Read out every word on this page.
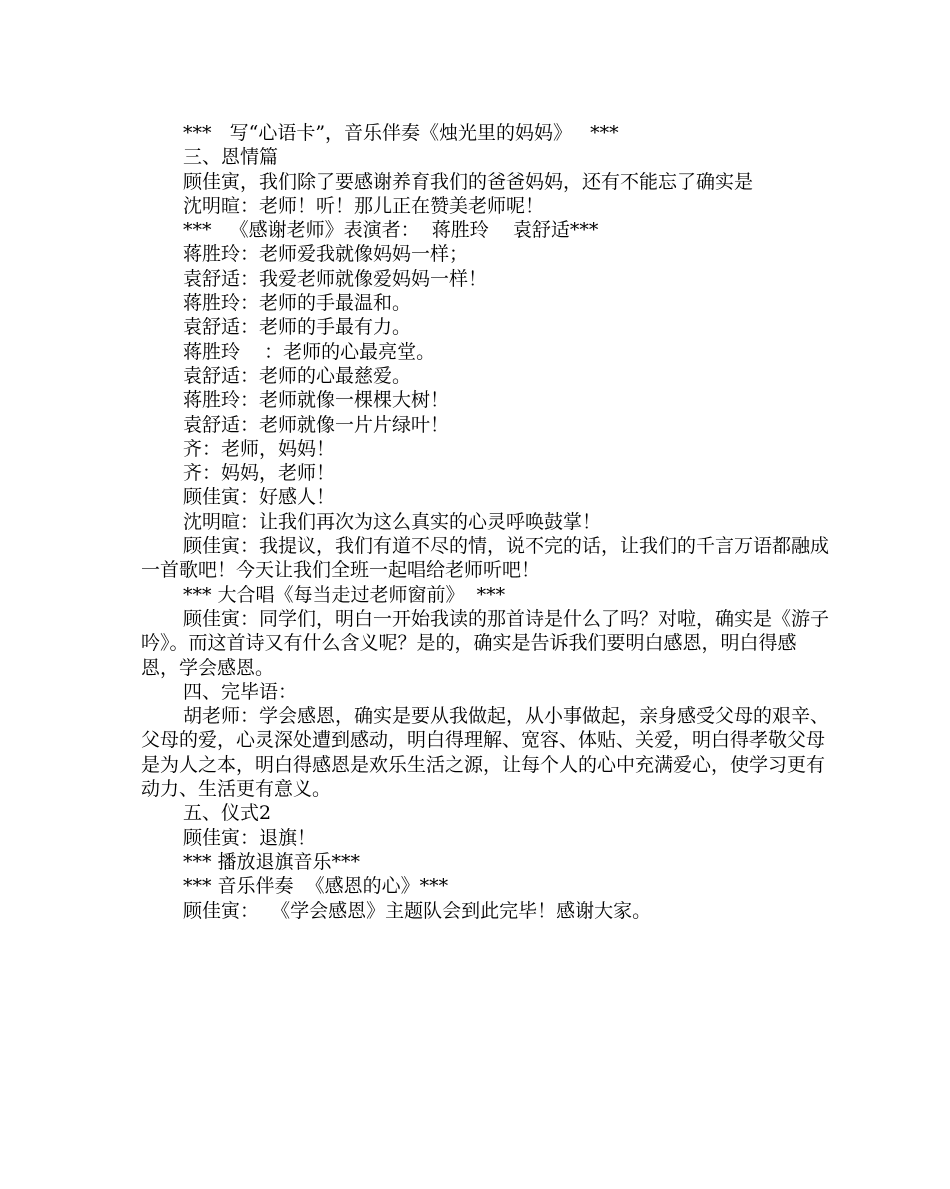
***   写“心语卡”，音乐伴奏《烛光里的妈妈》   ***

三、恩情篇

顾佳寅，我们除了要感谢养育我们的爸爸妈妈，还有不能忘了确实是

沈明暄：老师！听！那儿正在赞美老师呢！

***   《感谢老师》表演者：  蒋胜玲    袁舒适***

蒋胜玲：老师爱我就像妈妈一样；

袁舒适：我爱老师就像爱妈妈一样！

蒋胜玲：老师的手最温和。

袁舒适：老师的手最有力。

蒋胜玲    ：老师的心最亮堂。

袁舒适：老师的心最慈爱。

蒋胜玲：老师就像一棵棵大树！

袁舒适：老师就像一片片绿叶！

齐：老师，妈妈！

齐：妈妈，老师！

顾佳寅：好感人！

沈明暄：让我们再次为这么真实的心灵呼唤鼓掌！

顾佳寅：我提议，我们有道不尽的情，说不完的话，让我们的千言万语都融成一首歌吧！今天让我们全班一起唱给老师听吧！

*** 大合唱《每当走过老师窗前》  ***

顾佳寅：同学们，明白一开始我读的那首诗是什么了吗？对啦，确实是《游子吟》。而这首诗又有什么含义呢？是的，确实是告诉我们要明白感恩，明白得感恩，学会感恩。

四、完毕语：

胡老师：学会感恩，确实是要从我做起，从小事做起，亲身感受父母的艰辛、父母的爱，心灵深处遭到感动，明白得理解、宽容、体贴、关爱，明白得孝敬父母是为人之本，明白得感恩是欢乐生活之源，让每个人的心中充满爱心，使学习更有动力、生活更有意义。

五、仪式2

顾佳寅：退旗！

*** 播放退旗音乐***

*** 音乐伴奏  《感恩的心》***

顾佳寅：  《学会感恩》主题队会到此完毕！感谢大家。
